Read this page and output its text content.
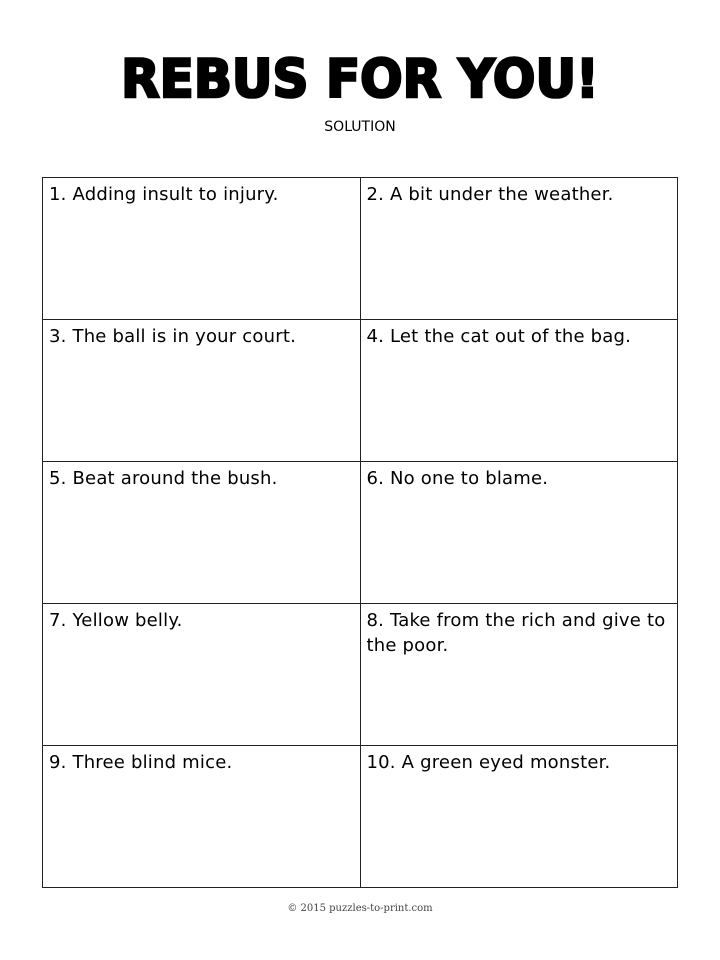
REBUS FOR YOU!
SOLUTION
1. Adding insult to injury.	2. A bit under the weather.
3. The ball is in your court.	4. Let the cat out of the bag.
5. Beat around the bush.	6. No one to blame.
7. Yellow belly.	8. Take from the rich and give to the poor.
9. Three blind mice.	10. A green eyed monster.
© 2015 puzzles-to-print.com
